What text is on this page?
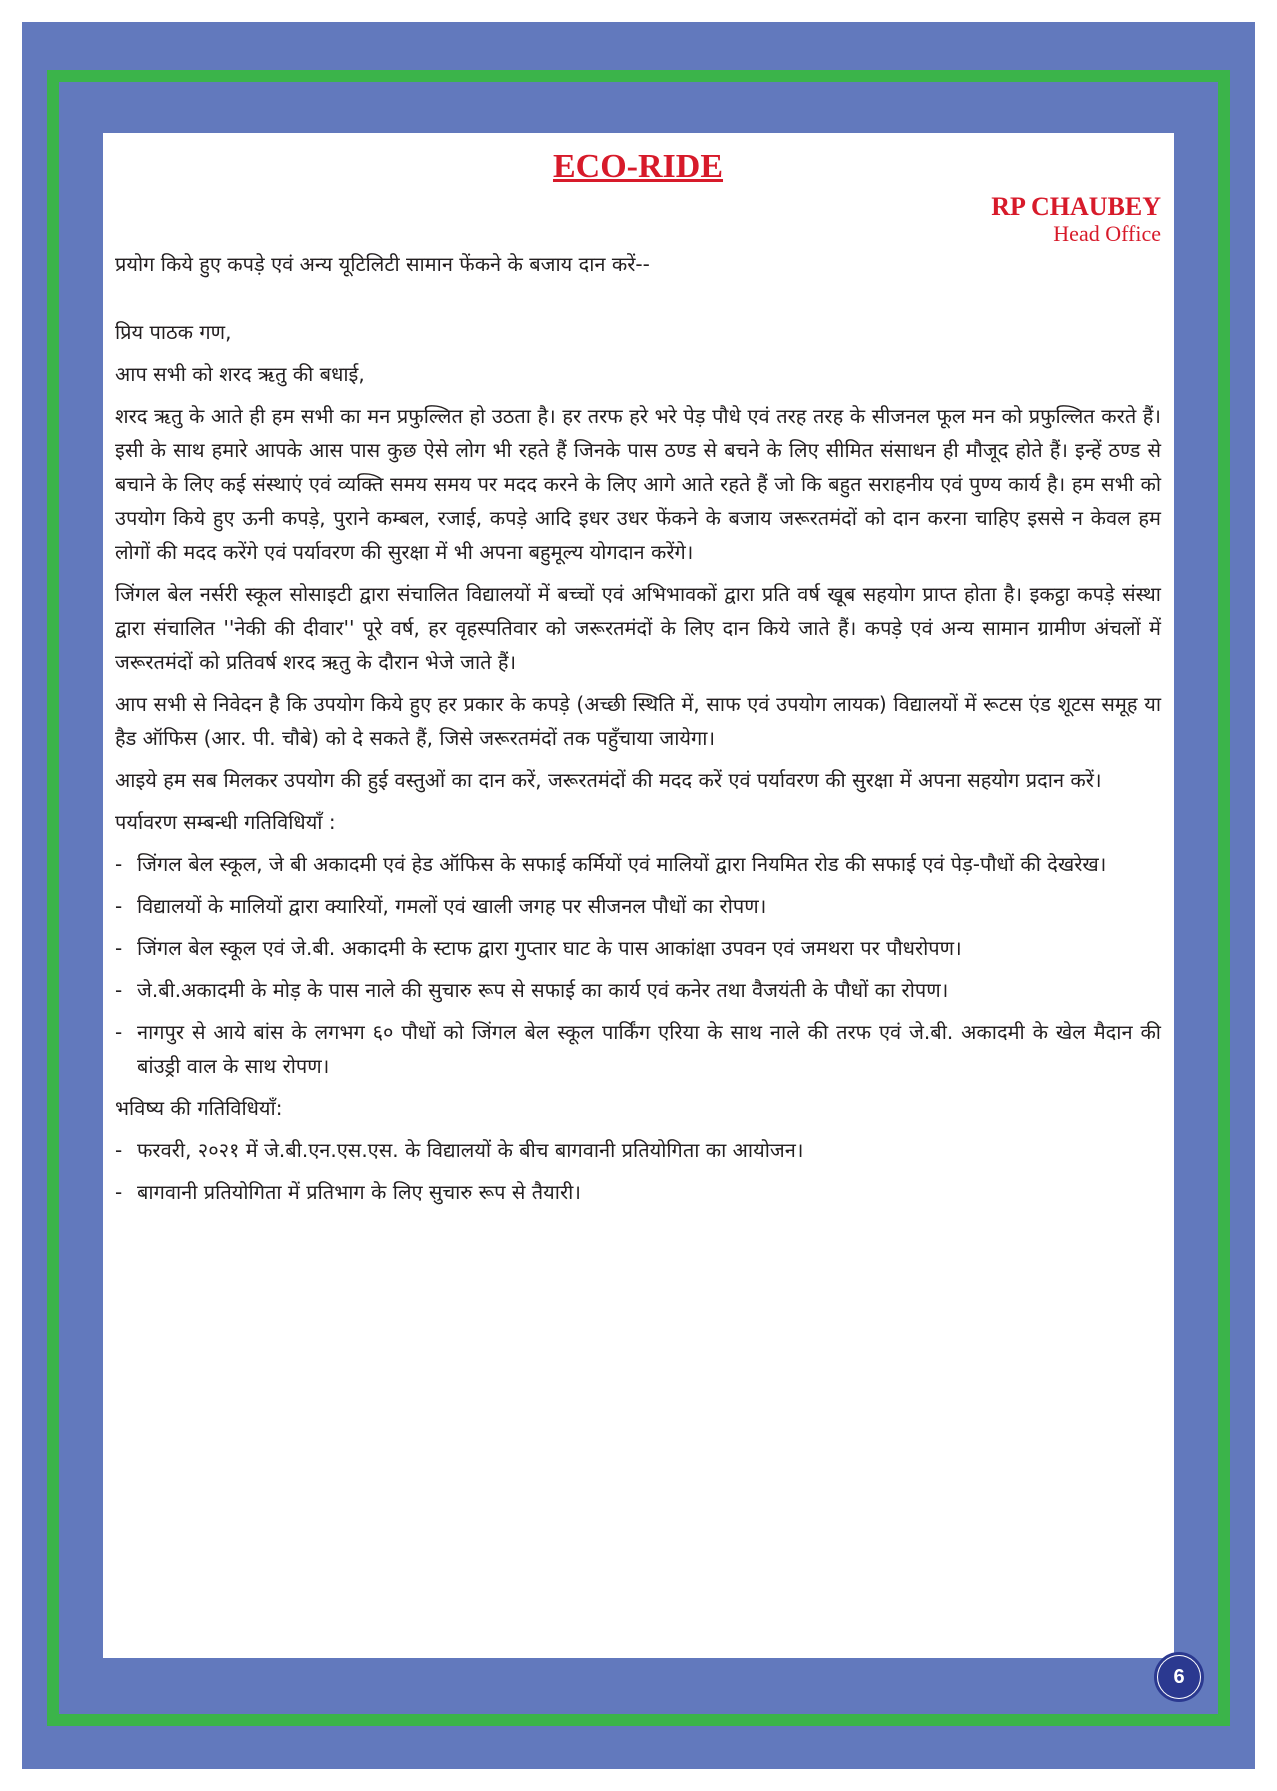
ECO-RIDE
RP CHAUBEY
Head Office

प्रयोग किये हुए कपड़े एवं अन्य यूटिलिटी सामान फेंकने के बजाय दान करें--

प्रिय पाठक गण,

आप सभी को शरद ऋतु की बधाई,

शरद ऋतु के आते ही हम सभी का मन प्रफुल्लित हो उठता है। हर तरफ हरे भरे पेड़ पौधे एवं तरह तरह के सीजनल फूल मन को प्रफुल्लित करते हैं। इसी के साथ हमारे आपके आस पास कुछ ऐसे लोग भी रहते हैं जिनके पास ठण्ड से बचने के लिए सीमित संसाधन ही मौजूद होते हैं। इन्हें ठण्ड से बचाने के लिए कई संस्थाएं एवं व्यक्ति समय समय पर मदद करने के लिए आगे आते रहते हैं जो कि बहुत सराहनीय एवं पुण्य कार्य है। हम सभी को उपयोग किये हुए ऊनी कपड़े, पुराने कम्बल, रजाई, कपड़े आदि इधर उधर फेंकने के बजाय जरूरतमंदों को दान करना चाहिए इससे न केवल हम लोगों की मदद करेंगे एवं पर्यावरण की सुरक्षा में भी अपना बहुमूल्य योगदान करेंगे।

जिंगल बेल नर्सरी स्कूल सोसाइटी द्वारा संचालित विद्यालयों में बच्चों एवं अभिभावकों द्वारा प्रति वर्ष खूब सहयोग प्राप्त होता है। इकट्ठा कपड़े संस्था द्वारा संचालित ''नेकी की दीवार'' पूरे वर्ष, हर वृहस्पतिवार को जरूरतमंदों के लिए दान किये जाते हैं। कपड़े एवं अन्य सामान ग्रामीण अंचलों में जरूरतमंदों को प्रतिवर्ष शरद ऋतु के दौरान भेजे जाते हैं।

आप सभी से निवेदन है कि उपयोग किये हुए हर प्रकार के कपड़े (अच्छी स्थिति में, साफ एवं उपयोग लायक) विद्यालयों में रूटस एंड शूटस समूह या हैड ऑफिस (आर. पी. चौबे) को दे सकते हैं, जिसे जरूरतमंदों तक पहुँचाया जायेगा।

आइये हम सब मिलकर उपयोग की हुई वस्तुओं का दान करें, जरूरतमंदों की मदद करें एवं पर्यावरण की सुरक्षा में अपना सहयोग प्रदान करें।

पर्यावरण सम्बन्धी गतिविधियाँ :

- जिंगल बेल स्कूल, जे बी अकादमी एवं हेड ऑफिस के सफाई कर्मियों एवं मालियों द्वारा नियमित रोड की सफाई एवं पेड़-पौधों की देखरेख।
- विद्यालयों के मालियों द्वारा क्यारियों, गमलों एवं खाली जगह पर सीजनल पौधों का रोपण।
- जिंगल बेल स्कूल एवं जे.बी. अकादमी के स्टाफ द्वारा गुप्तार घाट के पास आकांक्षा उपवन एवं जमथरा पर पौधरोपण।
- जे.बी.अकादमी के मोड़ के पास नाले की सुचारु रूप से सफाई का कार्य एवं कनेर तथा वैजयंती के पौधों का रोपण।
- नागपुर से आये बांस के लगभग ६० पौधों को जिंगल बेल स्कूल पार्किंग एरिया के साथ नाले की तरफ एवं जे.बी. अकादमी के खेल मैदान की बांउड्री वाल के साथ रोपण।

भविष्य की गतिविधियाँ:

- फरवरी, २०२१ में जे.बी.एन.एस.एस. के विद्यालयों के बीच बागवानी प्रतियोगिता का आयोजन।
- बागवानी प्रतियोगिता में प्रतिभाग के लिए सुचारु रूप से तैयारी।
6
